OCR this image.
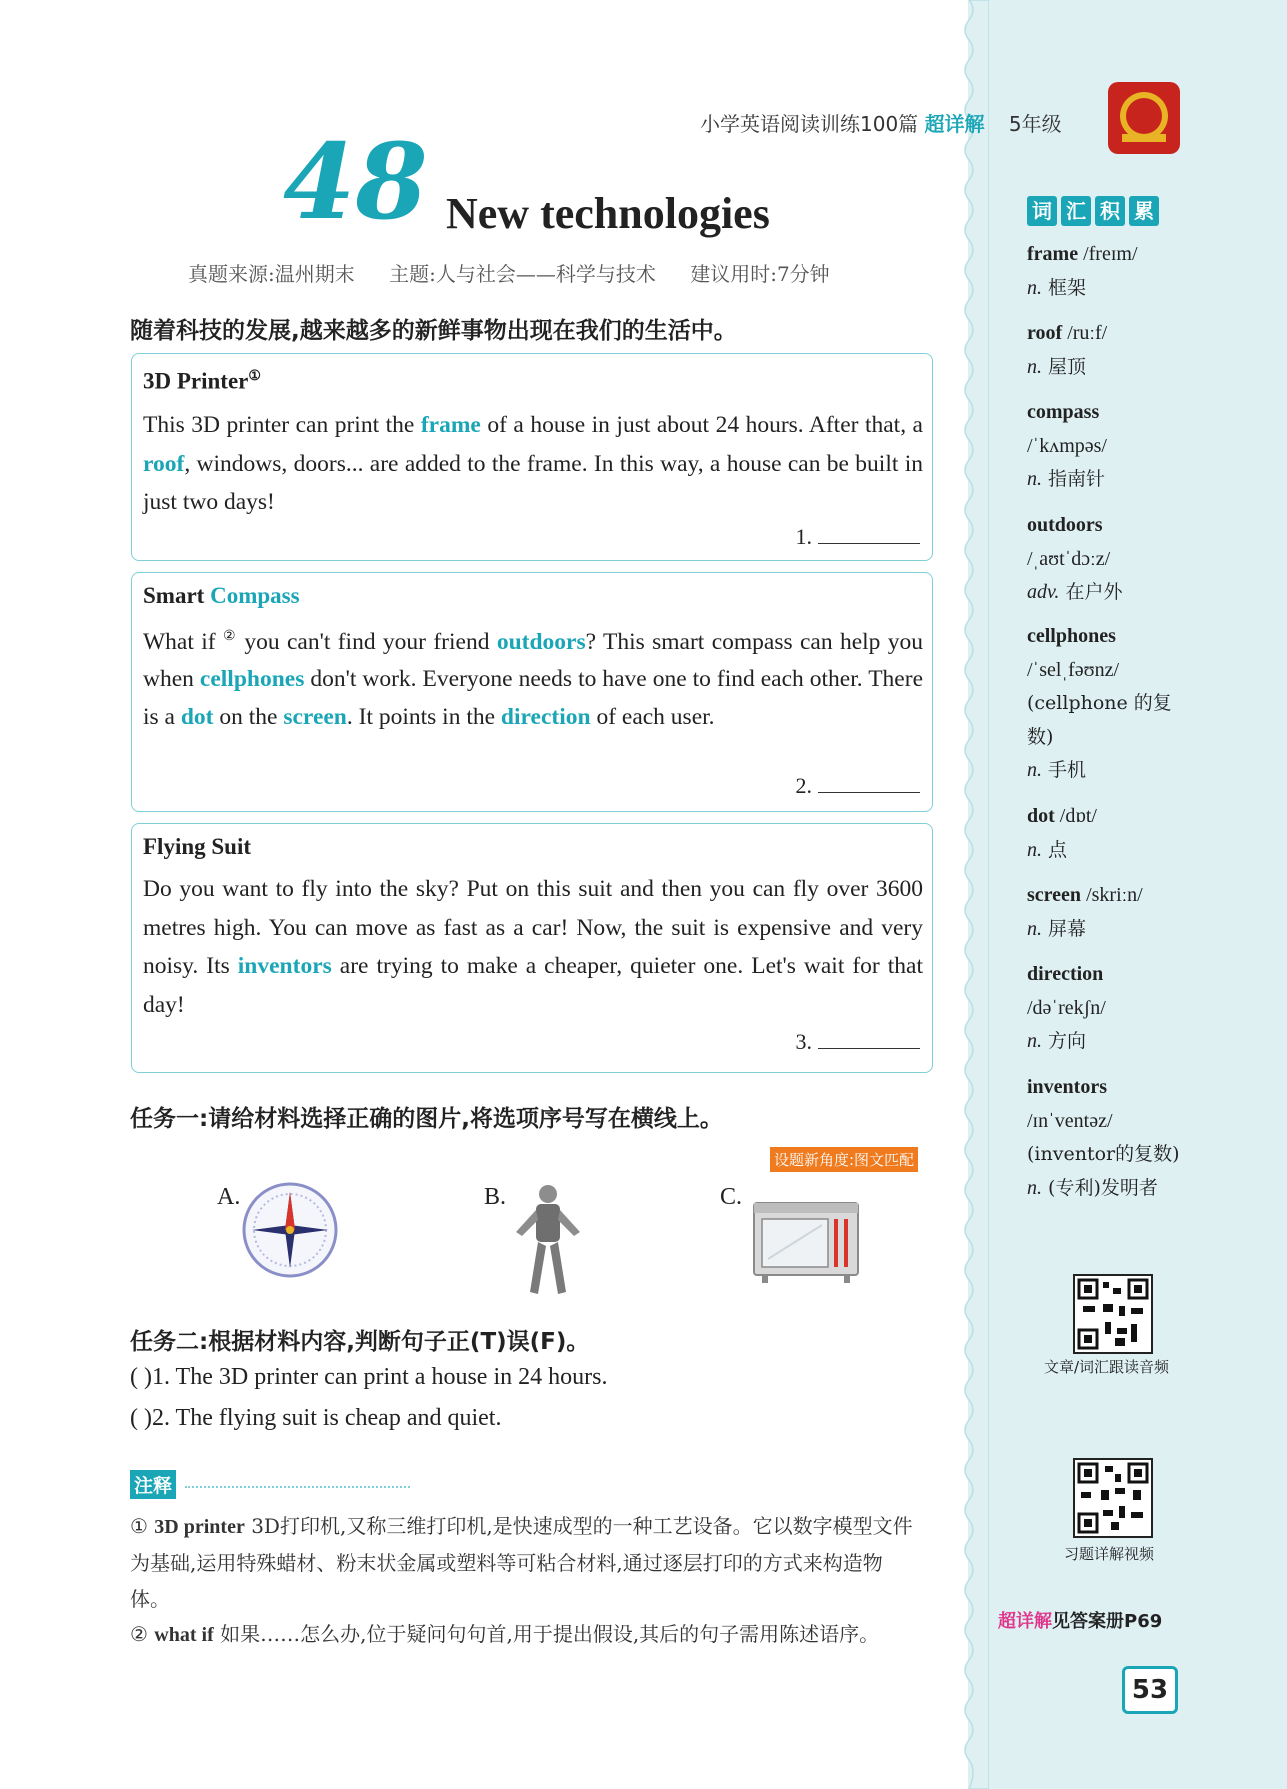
小学英语阅读训练100篇 超详解 5年级
48 New technologies
真题来源:温州期末 主题:人与社会——科学与技术 建议用时:7分钟
随着科技的发展,越来越多的新鲜事物出现在我们的生活中。
3D Printer①

This 3D printer can print the frame of a house in just about 24 hours. After that, a roof, windows, doors... are added to the frame. In this way, a house can be built in just two days!

1.
Smart Compass

What if ② you can't find your friend outdoors? This smart compass can help you when cellphones don't work. Everyone needs to have one to find each other. There is a dot on the screen. It points in the direction of each user.

2.
Flying Suit

Do you want to fly into the sky? Put on this suit and then you can fly over 3600 metres high. You can move as fast as a car! Now, the suit is expensive and very noisy. Its inventors are trying to make a cheaper, quieter one. Let's wait for that day!

3.
任务一:请给材料选择正确的图片,将选项序号写在横线上。
设题新角度:图文匹配
A.	B.	C.
任务二:根据材料内容,判断句子正(T)误(F)。
( )1. The 3D printer can print a house in 24 hours.
( )2. The flying suit is cheap and quiet.
注释
① 3D printer 3D打印机,又称三维打印机,是快速成型的一种工艺设备。它以数字模型文件为基础,运用特殊蜡材、粉末状金属或塑料等可粘合材料,通过逐层打印的方式来构造物体。
② what if 如果……怎么办,位于疑问句句首,用于提出假设,其后的句子需用陈述语序。
词 汇 积 累
frame /freɪm/
n. 框架
roof /ruːf/
n. 屋顶
compass
/ˈkʌmpəs/
n. 指南针
outdoors
/ˌaʊtˈdɔːz/
adv. 在户外
cellphones
/ˈselˌfəʊnz/
(cellphone 的复数)
n. 手机
dot /dɒt/
n. 点
screen /skriːn/
n. 屏幕
direction
/dəˈrekʃn/
n. 方向
inventors
/ɪnˈventəz/
(inventor的复数)
n. (专利)发明者
文章/词汇跟读音频
习题详解视频
超详解见答案册P69
53
